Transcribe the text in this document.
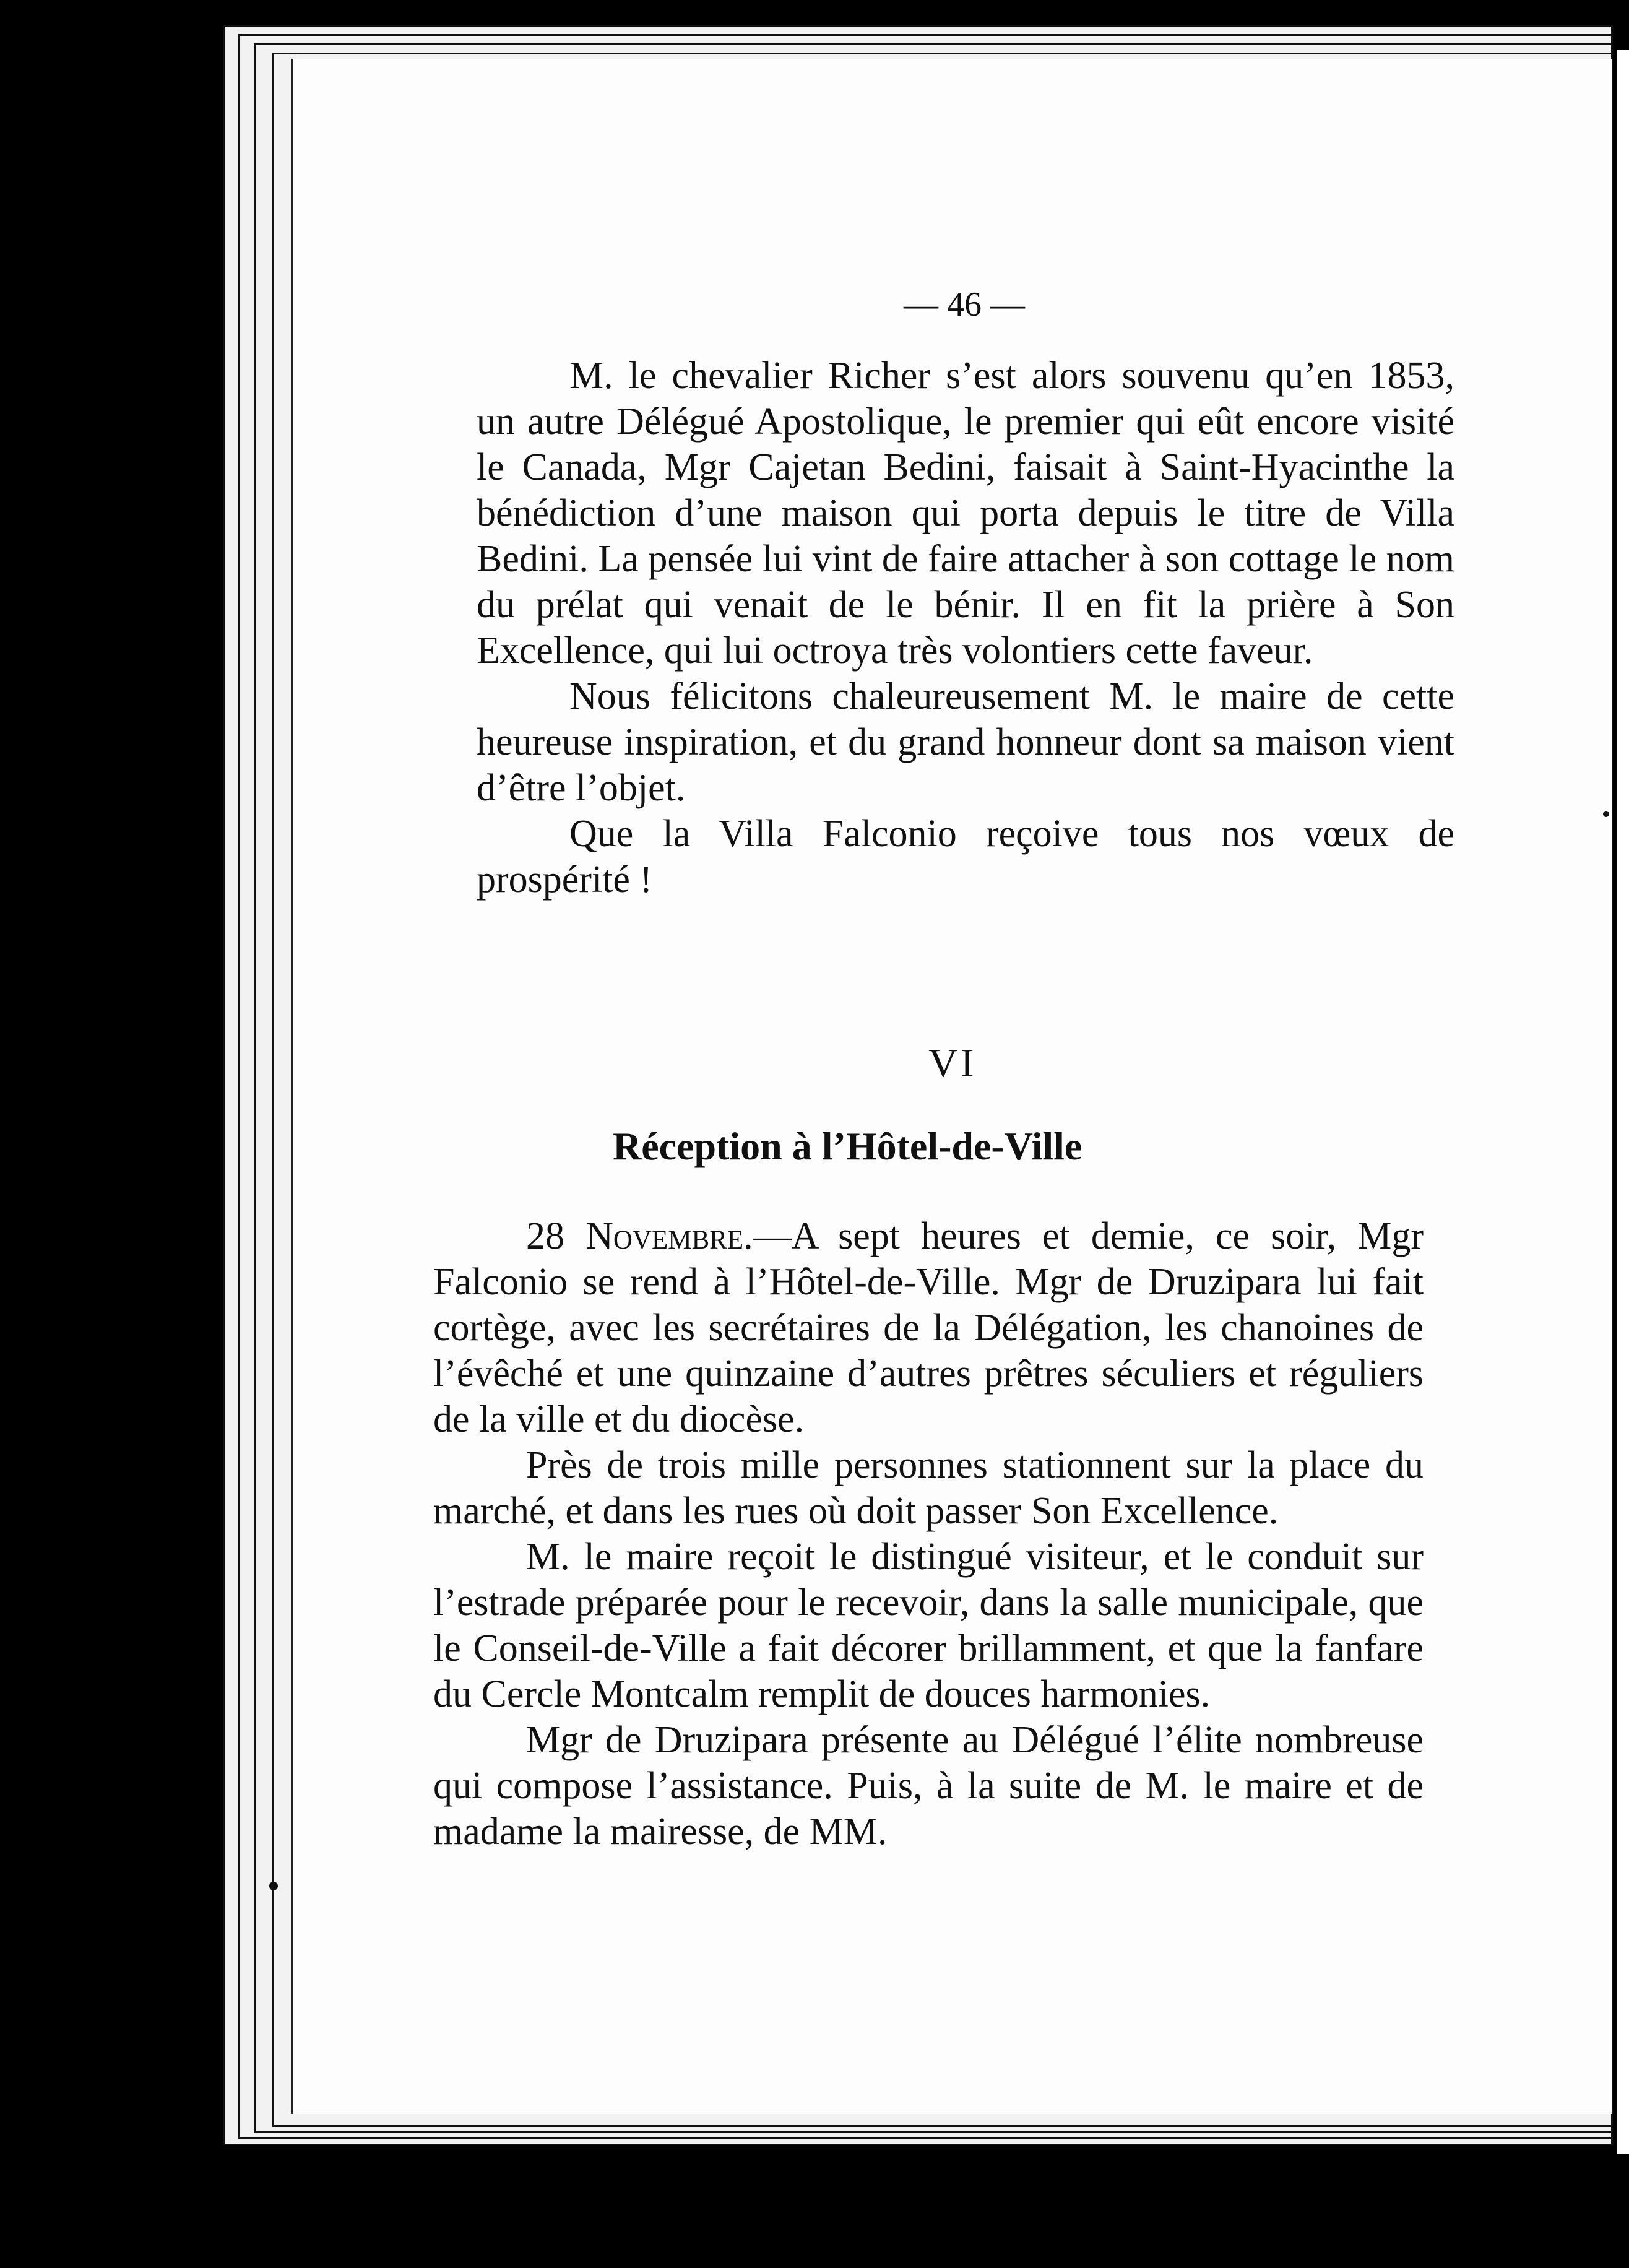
— 46 —

M. le chevalier Richer s’est alors souvenu qu’en 1853, un autre Délégué Apostolique, le premier qui eût encore visité le Canada, Mgr Cajetan Bedini, faisait à Saint-Hyacinthe la bénédiction d’une maison qui porta depuis le titre de Villa Bedini. La pensée lui vint de faire attacher à son cottage le nom du prélat qui venait de le bénir. Il en fit la prière à Son Excellence, qui lui octroya très volontiers cette faveur.

Nous félicitons chaleureusement M. le maire de cette heureuse inspiration, et du grand honneur dont sa maison vient d’être l’objet.

Que la Villa Falconio reçoive tous nos vœux de prospérité !

VI
Réception à l’Hôtel-de-Ville

28 Novembre.—A sept heures et demie, ce soir, Mgr Falconio se rend à l’Hôtel-de-Ville. Mgr de Druzipara lui fait cortège, avec les secrétaires de la Délégation, les chanoines de l’évêché et une quinzaine d’autres prêtres séculiers et réguliers de la ville et du diocèse.

Près de trois mille personnes stationnent sur la place du marché, et dans les rues où doit passer Son Excellence.

M. le maire reçoit le distingué visiteur, et le conduit sur l’estrade préparée pour le recevoir, dans la salle municipale, que le Conseil-de-Ville a fait décorer brillamment, et que la fanfare du Cercle Montcalm remplit de douces harmonies.

Mgr de Druzipara présente au Délégué l’élite nombreuse qui compose l’assistance. Puis, à la suite de M. le maire et de madame la mairesse, de MM.
